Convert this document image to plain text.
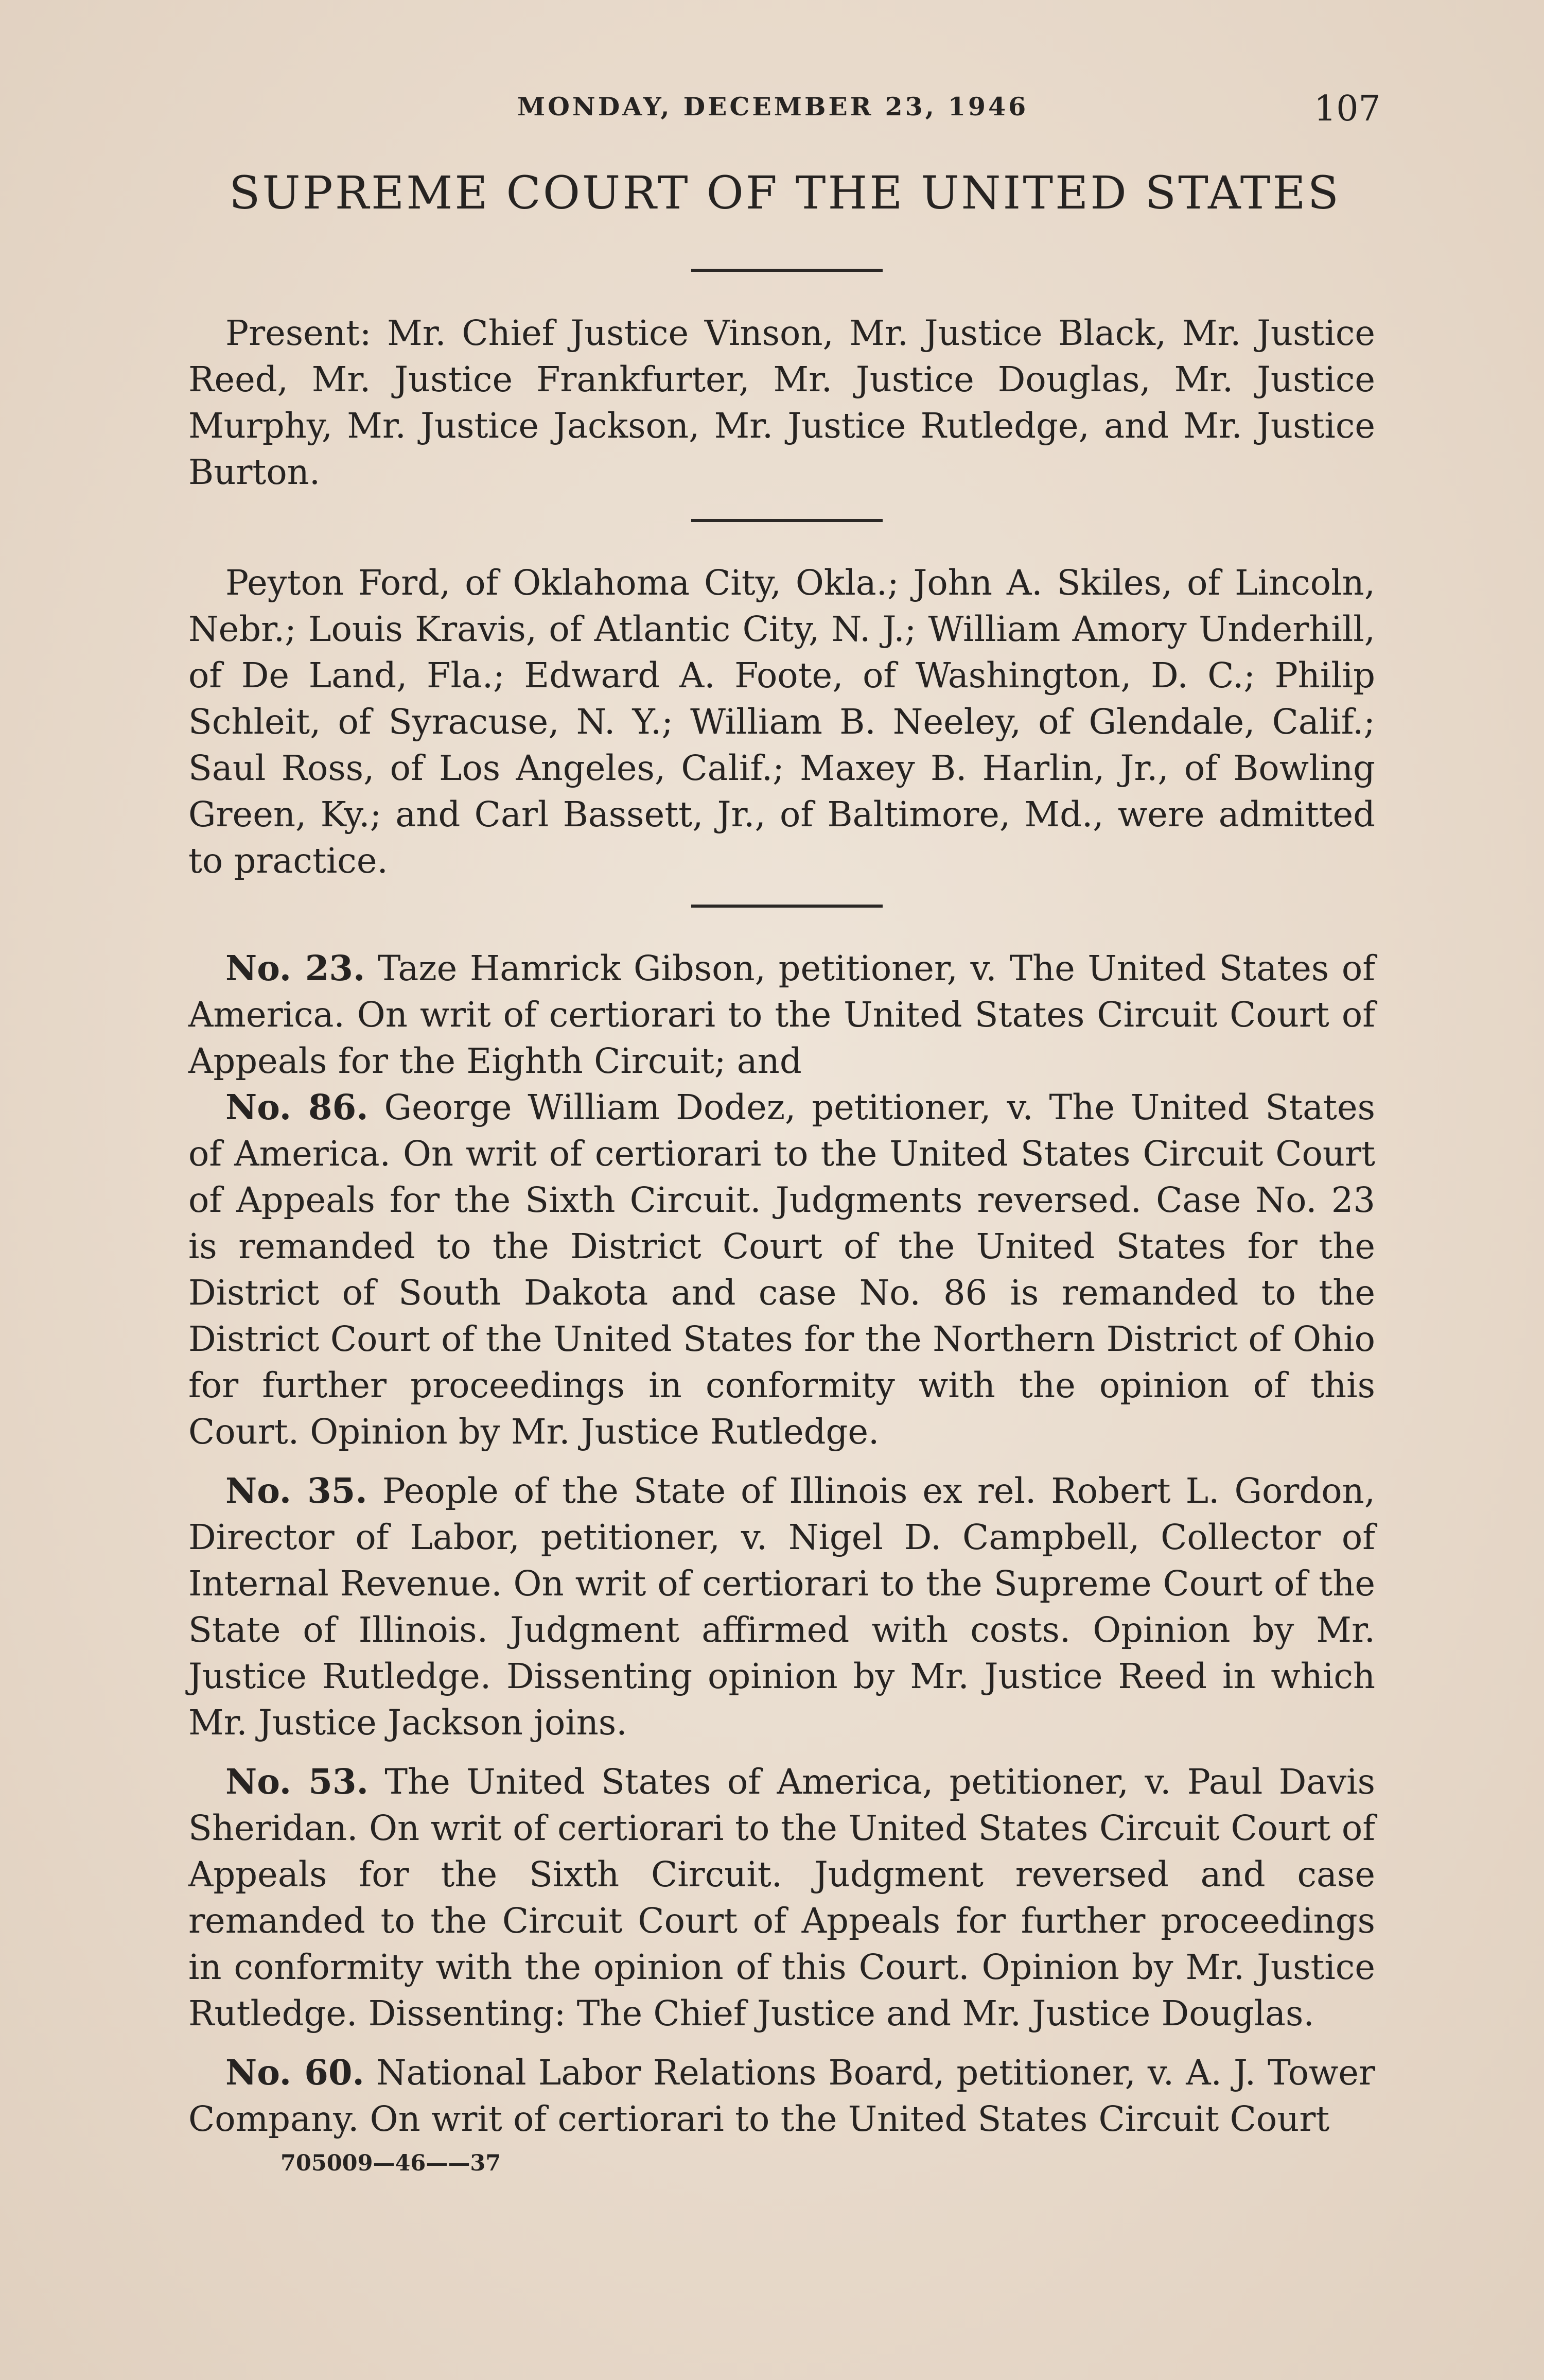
MONDAY, DECEMBER 23, 1946	107
SUPREME COURT OF THE UNITED STATES

Present: Mr. Chief Justice Vinson, Mr. Justice Black, Mr. Justice Reed, Mr. Justice Frankfurter, Mr. Justice Douglas, Mr. Justice Murphy, Mr. Justice Jackson, Mr. Justice Rutledge, and Mr. Justice Burton.

Peyton Ford, of Oklahoma City, Okla.; John A. Skiles, of Lincoln, Nebr.; Louis Kravis, of Atlantic City, N. J.; William Amory Underhill, of De Land, Fla.; Edward A. Foote, of Washington, D. C.; Philip Schleit, of Syracuse, N. Y.; William B. Neeley, of Glendale, Calif.; Saul Ross, of Los Angeles, Calif.; Maxey B. Harlin, Jr., of Bowling Green, Ky.; and Carl Bassett, Jr., of Baltimore, Md., were admitted to practice.

No. 23. Taze Hamrick Gibson, petitioner, v. The United States of America. On writ of certiorari to the United States Circuit Court of Appeals for the Eighth Circuit; and

No. 86. George William Dodez, petitioner, v. The United States of America. On writ of certiorari to the United States Circuit Court of Appeals for the Sixth Circuit. Judgments reversed. Case No. 23 is remanded to the District Court of the United States for the District of South Dakota and case No. 86 is remanded to the District Court of the United States for the Northern District of Ohio for further proceedings in conformity with the opinion of this Court. Opinion by Mr. Justice Rutledge.

No. 35. People of the State of Illinois ex rel. Robert L. Gordon, Director of Labor, petitioner, v. Nigel D. Campbell, Collector of Internal Revenue. On writ of certiorari to the Supreme Court of the State of Illinois. Judgment affirmed with costs. Opinion by Mr. Justice Rutledge. Dissenting opinion by Mr. Justice Reed in which Mr. Justice Jackson joins.

No. 53. The United States of America, petitioner, v. Paul Davis Sheridan. On writ of certiorari to the United States Circuit Court of Appeals for the Sixth Circuit. Judgment reversed and case remanded to the Circuit Court of Appeals for further proceedings in conformity with the opinion of this Court. Opinion by Mr. Justice Rutledge. Dissenting: The Chief Justice and Mr. Justice Douglas.

No. 60. National Labor Relations Board, petitioner, v. A. J. Tower Company. On writ of certiorari to the United States Circuit Court

705009—46——37
